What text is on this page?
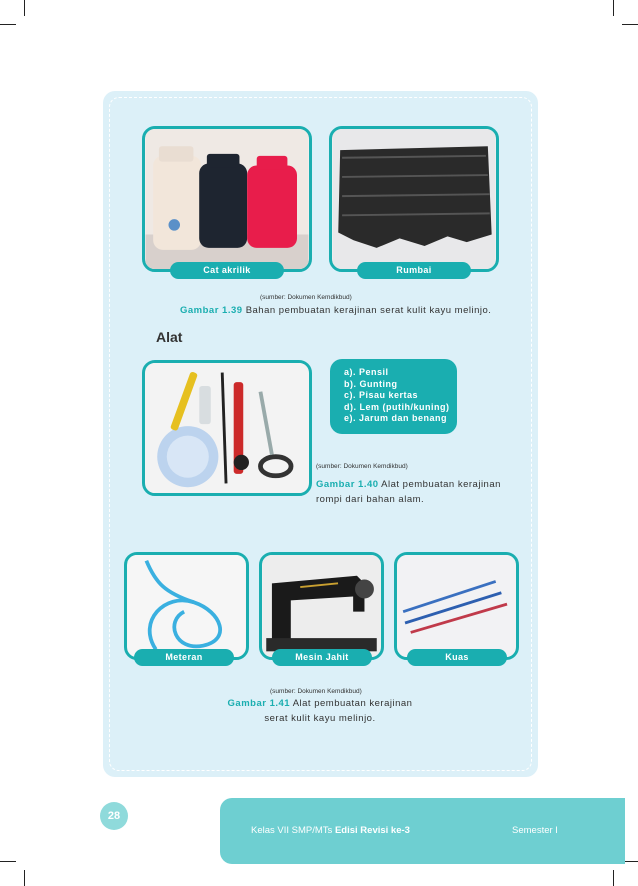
Cat akrilik	Rumbai
(sumber: Dokumen Kemdikbud)
Gambar 1.39 Bahan pembuatan kerajinan serat kulit kayu melinjo.
Alat
a). Pensil
b). Gunting
c). Pisau kertas
d). Lem (putih/kuning)
e). Jarum dan benang
(sumber: Dokumen Kemdikbud)
Gambar 1.40 Alat pembuatan kerajinan
rompi dari bahan alam.
Meteran	Mesin Jahit	Kuas
(sumber: Dokumen Kemdikbud)
Gambar 1.41 Alat pembuatan kerajinan
serat kulit kayu melinjo.
28
Kelas VII SMP/MTs Edisi Revisi ke-3	Semester I
